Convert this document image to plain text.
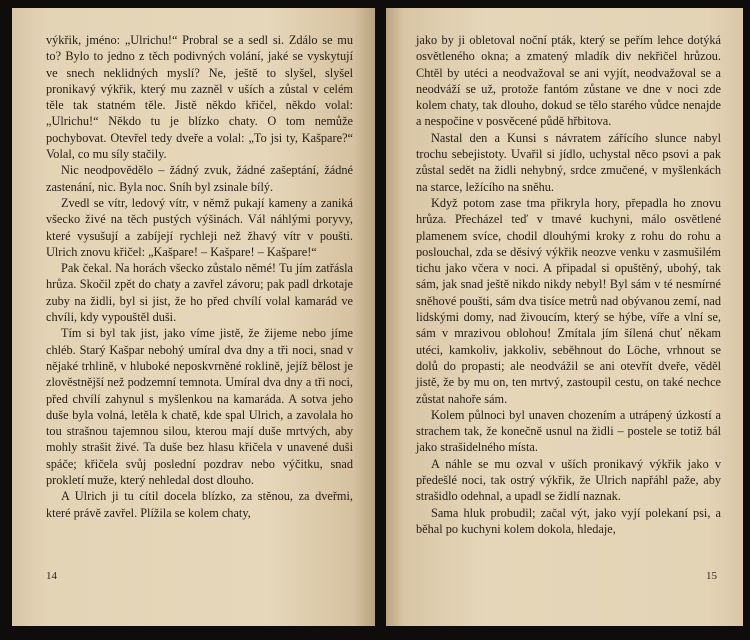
výkřik, jméno: „Ulrichu!“ Probral se a sedl si. Zdálo se mu to? Bylo to jedno z těch podivných volání, jaké se vyskytují ve snech neklidných myslí? Ne, ještě to slyšel, slyšel pronikavý výkřik, který mu zazněl v uších a zůstal v celém těle tak statném těle. Jistě někdo křičel, někdo volal: „Ulrichu!“ Někdo tu je blízko chaty. O tom nemůže pochybovat. Otevřel tedy dveře a volal: „To jsi ty, Kašpare?“ Volal, co mu síly stačily.

Nic neodpovědělo – žádný zvuk, žádné zašeptání, žádné zastenání, nic. Byla noc. Sníh byl zsinale bílý.

Zvedl se vítr, ledový vítr, v němž pukají kameny a zaniká všecko živé na těch pustých výšinách. Vál náhlými poryvy, které vysušují a zabíjejí rychleji než žhavý vítr v poušti. Ulrich znovu křičel: „Kašpare! – Kašpare! – Kašpare!“

Pak čekal. Na horách všecko zůstalo němé! Tu jím zatřásla hrůza. Skočil zpět do chaty a zavřel závoru; pak padl drkotaje zuby na židli, byl si jist, že ho před chvílí volal kamarád ve chvíli, kdy vypouštěl duši.

Tím si byl tak jist, jako víme jistě, že žijeme nebo jíme chléb. Starý Kašpar nebohý umíral dva dny a tři noci, snad v nějaké trhlině, v hluboké neposkvrněné roklině, jejíž bělost je zlověstnější než podzemní temnota. Umíral dva dny a tři noci, před chvílí zahynul s myšlenkou na kamaráda. A sotva jeho duše byla volná, letěla k chatě, kde spal Ulrich, a zavolala ho tou strašnou tajemnou silou, kterou mají duše mrtvých, aby mohly strašit živé. Ta duše bez hlasu křičela v unavené duši spáče; křičela svůj poslední pozdrav nebo výčitku, snad prokletí muže, který nehledal dost dlouho.

A Ulrich ji tu cítil docela blízko, za stěnou, za dveřmi, které právě zavřel. Plížila se kolem chaty,

14

jako by ji obletoval noční pták, který se peřím lehce dotýká osvětleného okna; a zmatený mladík div nekřičel hrůzou. Chtěl by utéci a neodvažoval se ani vyjít, neodvažoval se a neodváží se už, protože fantóm zůstane ve dne v noci zde kolem chaty, tak dlouho, dokud se tělo starého vůdce nenajde a nespočine v posvěcené půdě hřbitova.

Nastal den a Kunsi s návratem zářícího slunce nabyl trochu sebejistoty. Uvařil si jídlo, uchystal něco psovi a pak zůstal sedět na židli nehybný, srdce zmučené, v myšlenkách na starce, ležícího na sněhu.

Když potom zase tma přikryla hory, přepadla ho znovu hrůza. Přecházel teď v tmavé kuchyni, málo osvětlené plamenem svíce, chodil dlouhými kroky z rohu do rohu a poslouchal, zda se děsivý výkřik neozve venku v zasmušilém tichu jako včera v noci. A připadal si opuštěný, ubohý, tak sám, jak snad ještě nikdo nikdy nebyl! Byl sám v té nesmírné sněhové poušti, sám dva tisíce metrů nad obývanou zemí, nad lidskými domy, nad živoucím, který se hýbe, víře a vlní se, sám v mrazivou oblohou! Zmítala jím šílená chuť někam utéci, kamkoliv, jakkoliv, seběhnout do Löche, vrhnout se dolů do propasti; ale neodvážil se ani otevřít dveře, věděl jistě, že by mu on, ten mrtvý, zastoupil cestu, on také nechce zůstat nahoře sám.

Kolem půlnoci byl unaven chozením a utrápený úzkostí a strachem tak, že konečně usnul na židli – postele se totiž bál jako strašidelného místa.

A náhle se mu ozval v uších pronikavý výkřik jako v předešlé noci, tak ostrý výkřik, že Ulrich napřáhl paže, aby strašidlo odehnal, a upadl se židlí naznak.

Sama hluk probudil; začal výt, jako vyjí polekaní psi, a běhal po kuchyni kolem dokola, hledaje,

15
